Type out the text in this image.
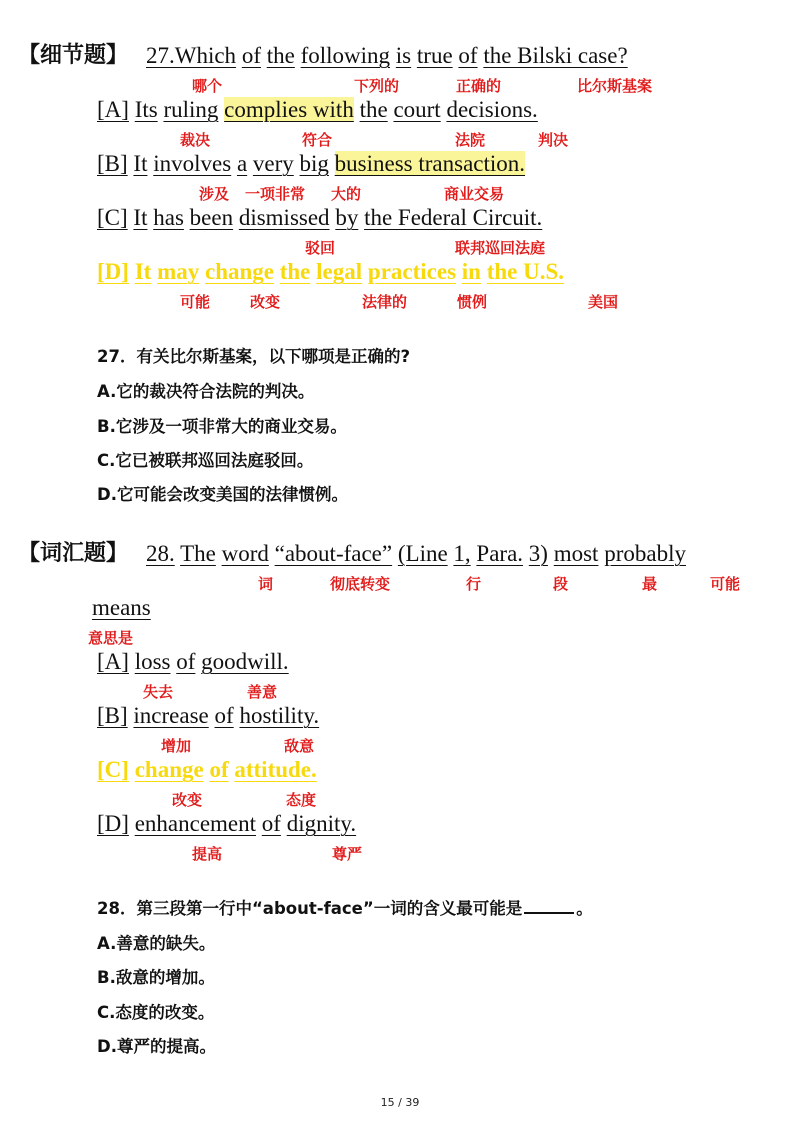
【细节题】 27.Which of the following is true of the Bilski case?
哪个	下列的	正确的	比尔斯基案
[A] Its ruling complies with the court decisions.
裁决	符合	法院	判决
[B] It involves a very big business transaction.
涉及 一项非常 大的	商业交易
[C] It has been dismissed by the Federal Circuit.
驳回	联邦巡回法庭
[D] It may change the legal practices in the U.S.
可能	改变	法律的	惯例	美国
27．有关比尔斯基案，以下哪项是正确的?
A.它的裁决符合法院的判决。
B.它涉及一项非常大的商业交易。
C.它已被联邦巡回法庭驳回。
D.它可能会改变美国的法律惯例。
【词汇题】 28. The word “about-face” (Line 1, Para. 3) most probably
词	彻底转变	行	段	最	可能
means
意思是
[A] loss of goodwill.
失去	善意
[B] increase of hostility.
增加	敌意
[C] change of attitude.
改变	态度
[D] enhancement of dignity.
提高	尊严
28．第三段第一行中“about-face”一词的含义最可能是	。
A.善意的缺失。
B.敌意的增加。
C.态度的改变。
D.尊严的提高。
15 / 39
